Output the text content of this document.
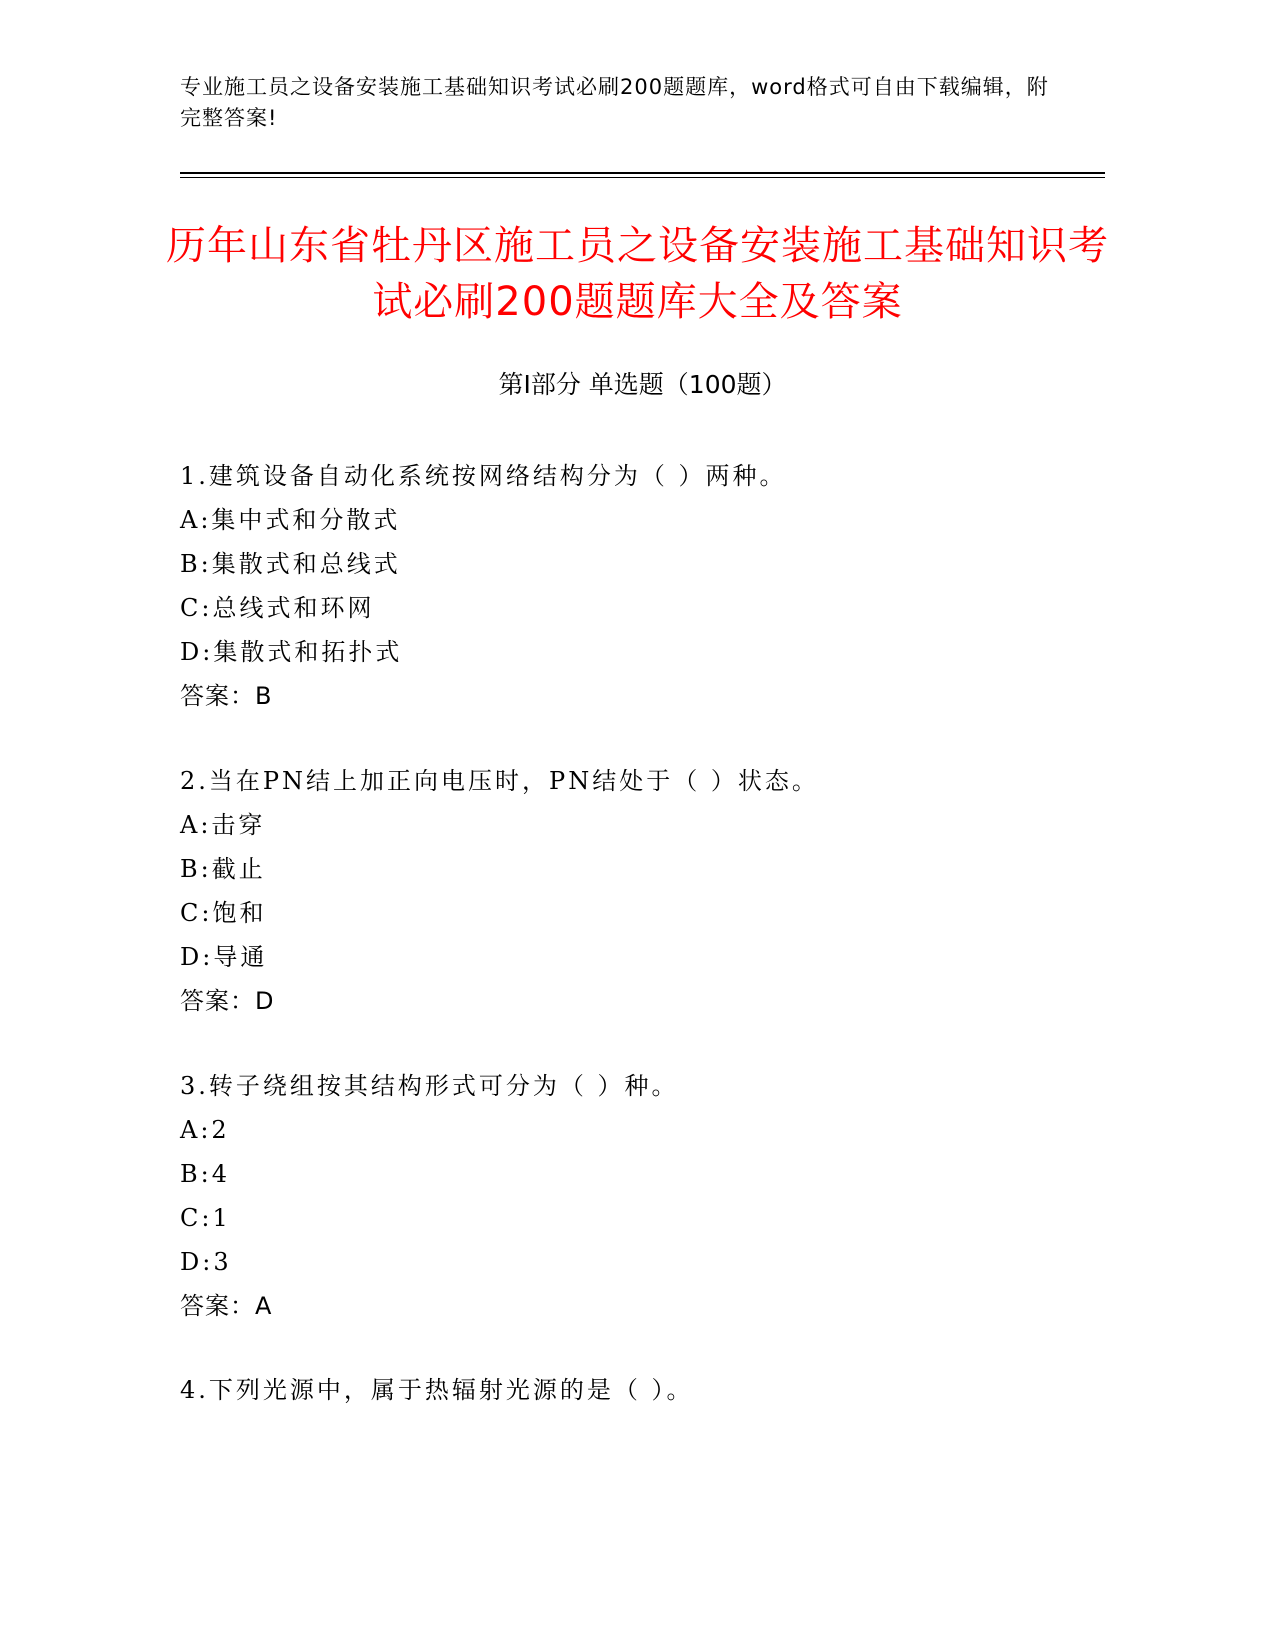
专业施工员之设备安装施工基础知识考试必刷200题题库，word格式可自由下载编辑，附完整答案!
历年山东省牡丹区施工员之设备安装施工基础知识考试必刷200题题库大全及答案
第Ⅰ部分 单选题（100题）
1.建筑设备自动化系统按网络结构分为（ ）两种。
A:集中式和分散式
B:集散式和总线式
C:总线式和环网
D:集散式和拓扑式
答案：B
2.当在PN结上加正向电压时，PN结处于（ ）状态。
A:击穿
B:截止
C:饱和
D:导通
答案：D
3.转子绕组按其结构形式可分为（ ）种。
A:2
B:4
C:1
D:3
答案：A
4.下列光源中，属于热辐射光源的是（ ）。
